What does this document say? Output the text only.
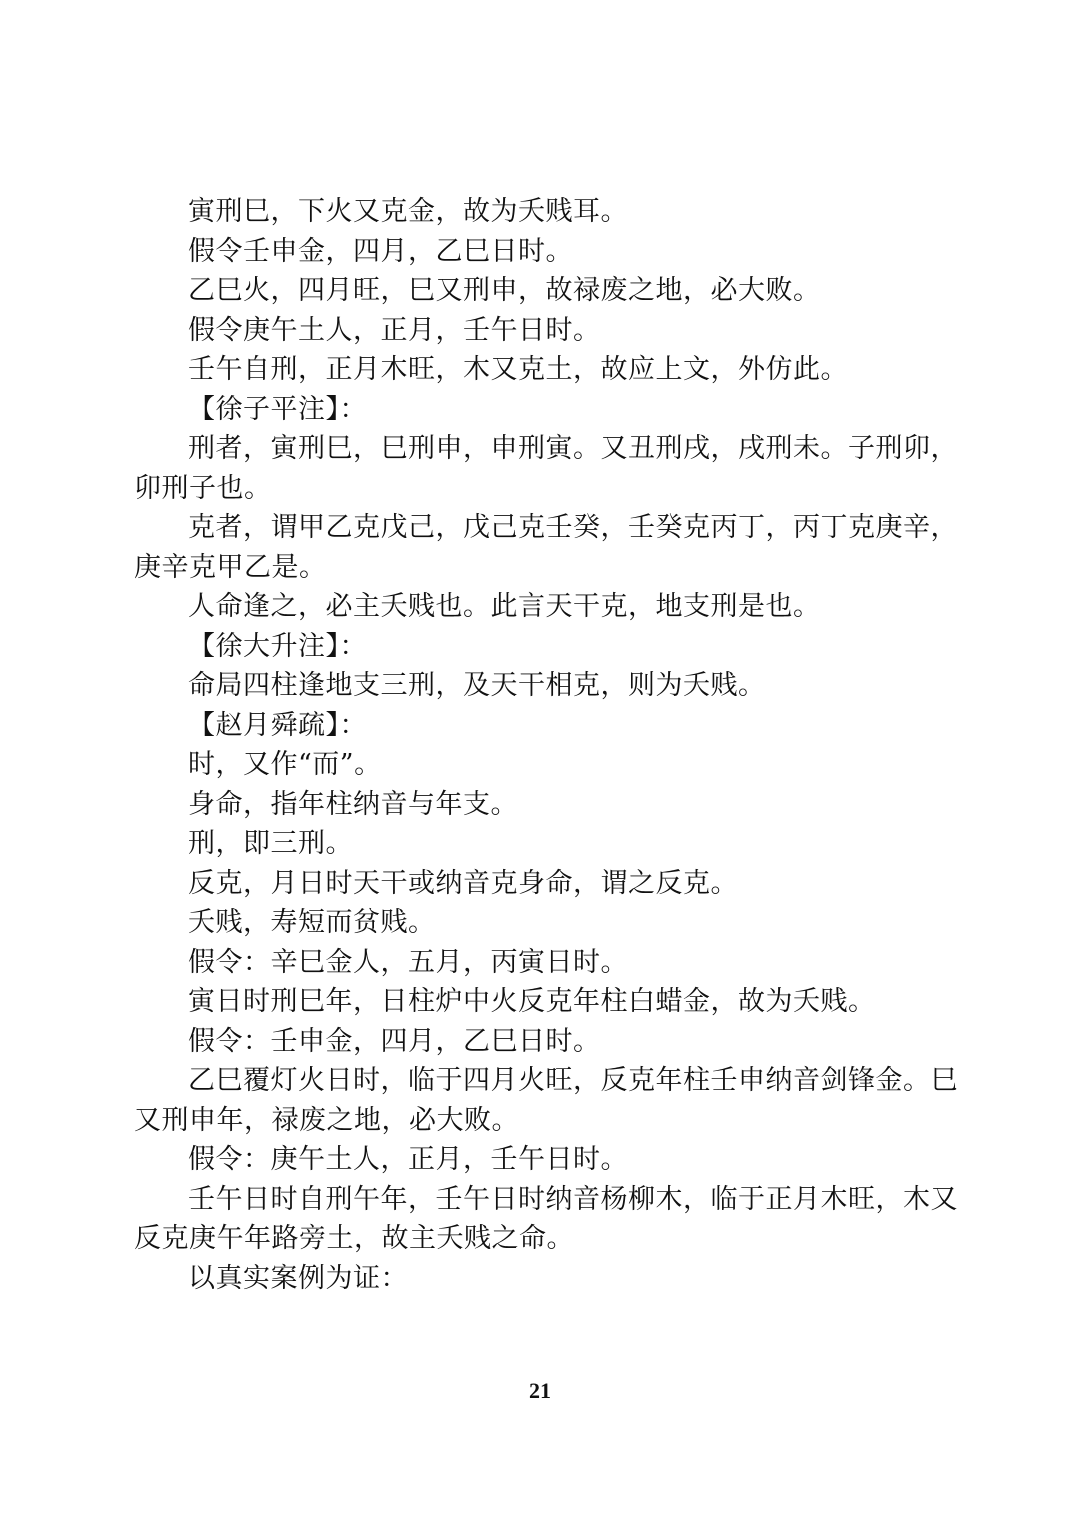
寅刑巳，下火又克金，故为夭贱耳。
假令壬申金，四月，乙巳日时。
乙巳火，四月旺，巳又刑申，故禄废之地，必大败。
假令庚午土人，正月，壬午日时。
壬午自刑，正月木旺，木又克土，故应上文，外仿此。
【徐子平注】：
刑者，寅刑巳，巳刑申，申刑寅。又丑刑戌，戌刑未。子刑卯，
卯刑子也。
克者，谓甲乙克戊己，戊己克壬癸，壬癸克丙丁，丙丁克庚辛，
庚辛克甲乙是。
人命逢之，必主夭贱也。此言天干克，地支刑是也。
【徐大升注】：
命局四柱逢地支三刑，及天干相克，则为夭贱。
【赵月舜疏】：
时，又作“而”。
身命，指年柱纳音与年支。
刑，即三刑。
反克，月日时天干或纳音克身命，谓之反克。
夭贱，寿短而贫贱。
假令：辛巳金人，五月，丙寅日时。
寅日时刑巳年，日柱炉中火反克年柱白蜡金，故为夭贱。
假令：壬申金，四月，乙巳日时。
乙巳覆灯火日时，临于四月火旺，反克年柱壬申纳音剑锋金。巳
又刑申年，禄废之地，必大败。
假令：庚午土人，正月，壬午日时。
壬午日时自刑午年，壬午日时纳音杨柳木，临于正月木旺，木又
反克庚午年路旁土，故主夭贱之命。
以真实案例为证：
21
